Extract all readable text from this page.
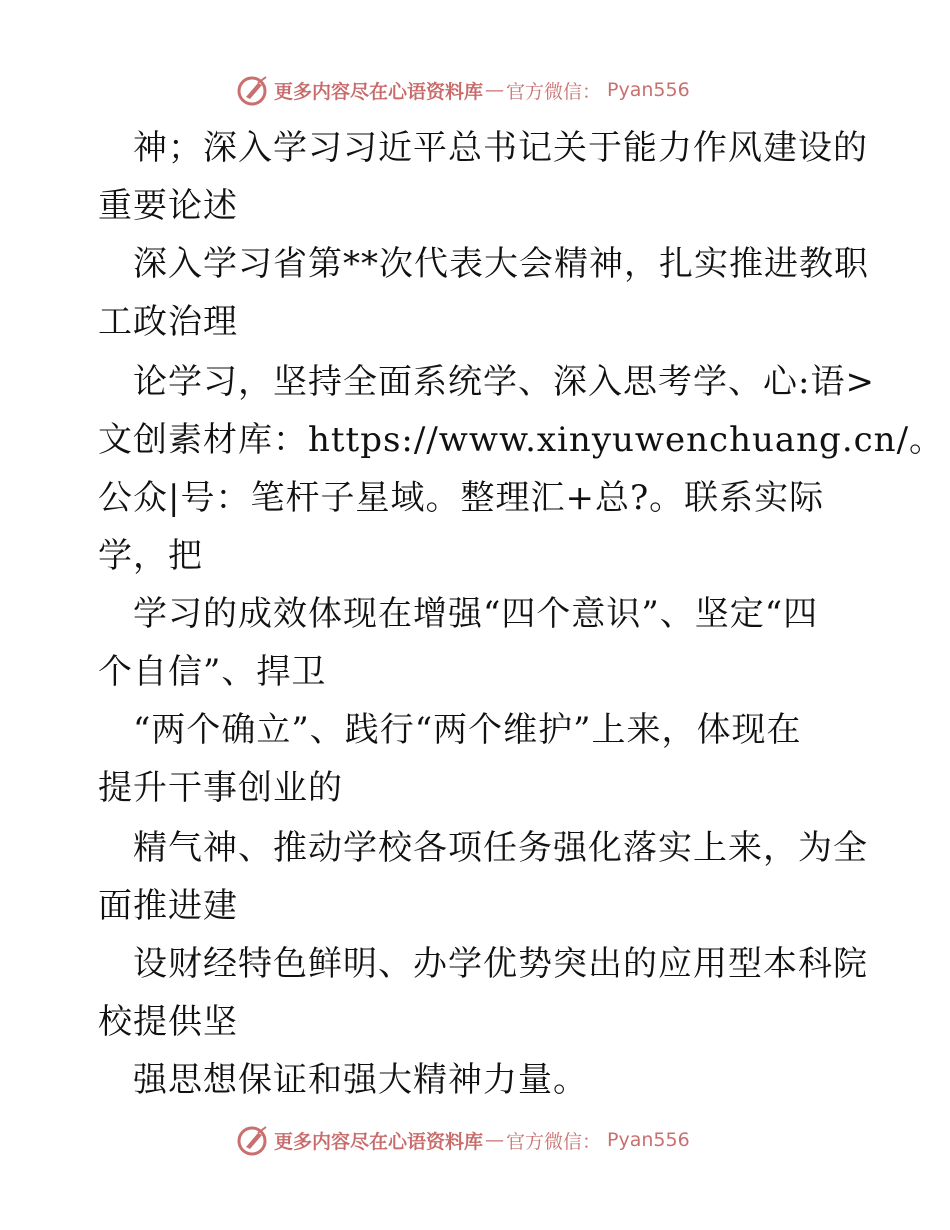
更多内容尽在心语资料库 — 官方微信： Pyan556
　神；深入学习习近平总书记关于能力作风建设的
重要论述
　深入学习省第**次代表大会精神，扎实推进教职
工政治理
　论学习，坚持全面系统学、深入思考学、心:语>
文创素材库：https://www.xinyuwenchuang.cn/。
公众|号：笔杆子星域。整理汇+总?。联系实际
学，把
　学习的成效体现在增强“四个意识”、坚定“四
个自信”、捍卫
　“两个确立”、践行“两个维护”上来，体现在
提升干事创业的
　精气神、推动学校各项任务强化落实上来，为全
面推进建
　设财经特色鲜明、办学优势突出的应用型本科院
校提供坚
　强思想保证和强大精神力量。
更多内容尽在心语资料库 — 官方微信： Pyan556
